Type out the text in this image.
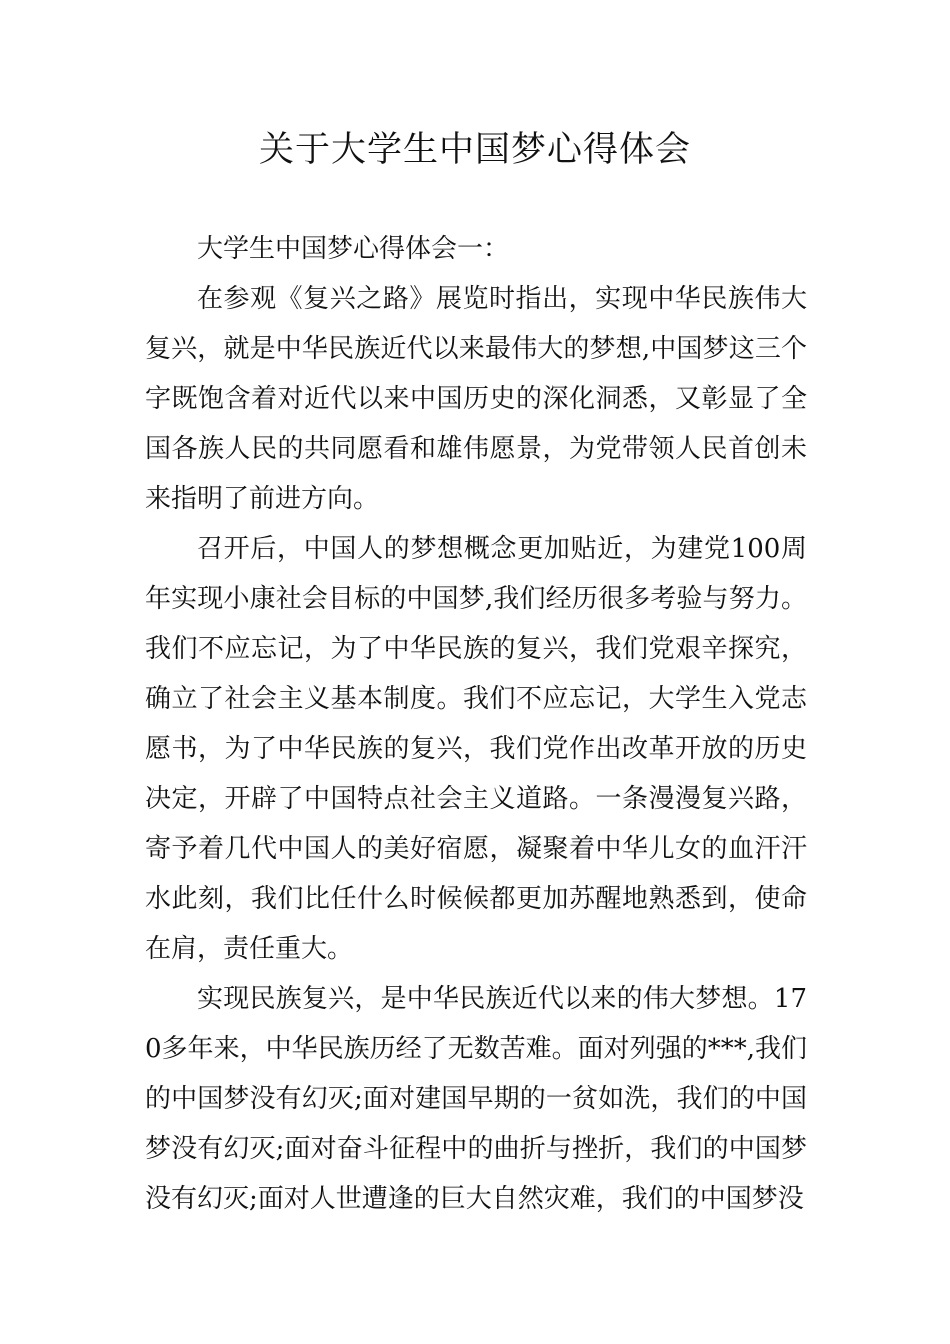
关于大学生中国梦心得体会

大学生中国梦心得体会一：

在参观《复兴之路》展览时指出，实现中华民族伟大复兴，就是中华民族近代以来最伟大的梦想,中国梦这三个字既饱含着对近代以来中国历史的深化洞悉，又彰显了全国各族人民的共同愿看和雄伟愿景，为党带领人民首创未来指明了前进方向。

召开后，中国人的梦想概念更加贴近，为建党100周年实现小康社会目标的中国梦,我们经历很多考验与努力。我们不应忘记，为了中华民族的复兴，我们党艰辛探究，确立了社会主义基本制度。我们不应忘记，大学生入党志愿书，为了中华民族的复兴，我们党作出改革开放的历史决定，开辟了中国特点社会主义道路。一条漫漫复兴路，寄予着几代中国人的美好宿愿，凝聚着中华儿女的血汗汗水此刻，我们比任什么时候候都更加苏醒地熟悉到，使命在肩，责任重大。

实现民族复兴，是中华民族近代以来的伟大梦想。170多年来，中华民族历经了无数苦难。面对列强的***,我们的中国梦没有幻灭;面对建国早期的一贫如洗，我们的中国梦没有幻灭;面对奋斗征程中的曲折与挫折，我们的中国梦没有幻灭;面对人世遭逢的巨大自然灾难，我们的中国梦没
